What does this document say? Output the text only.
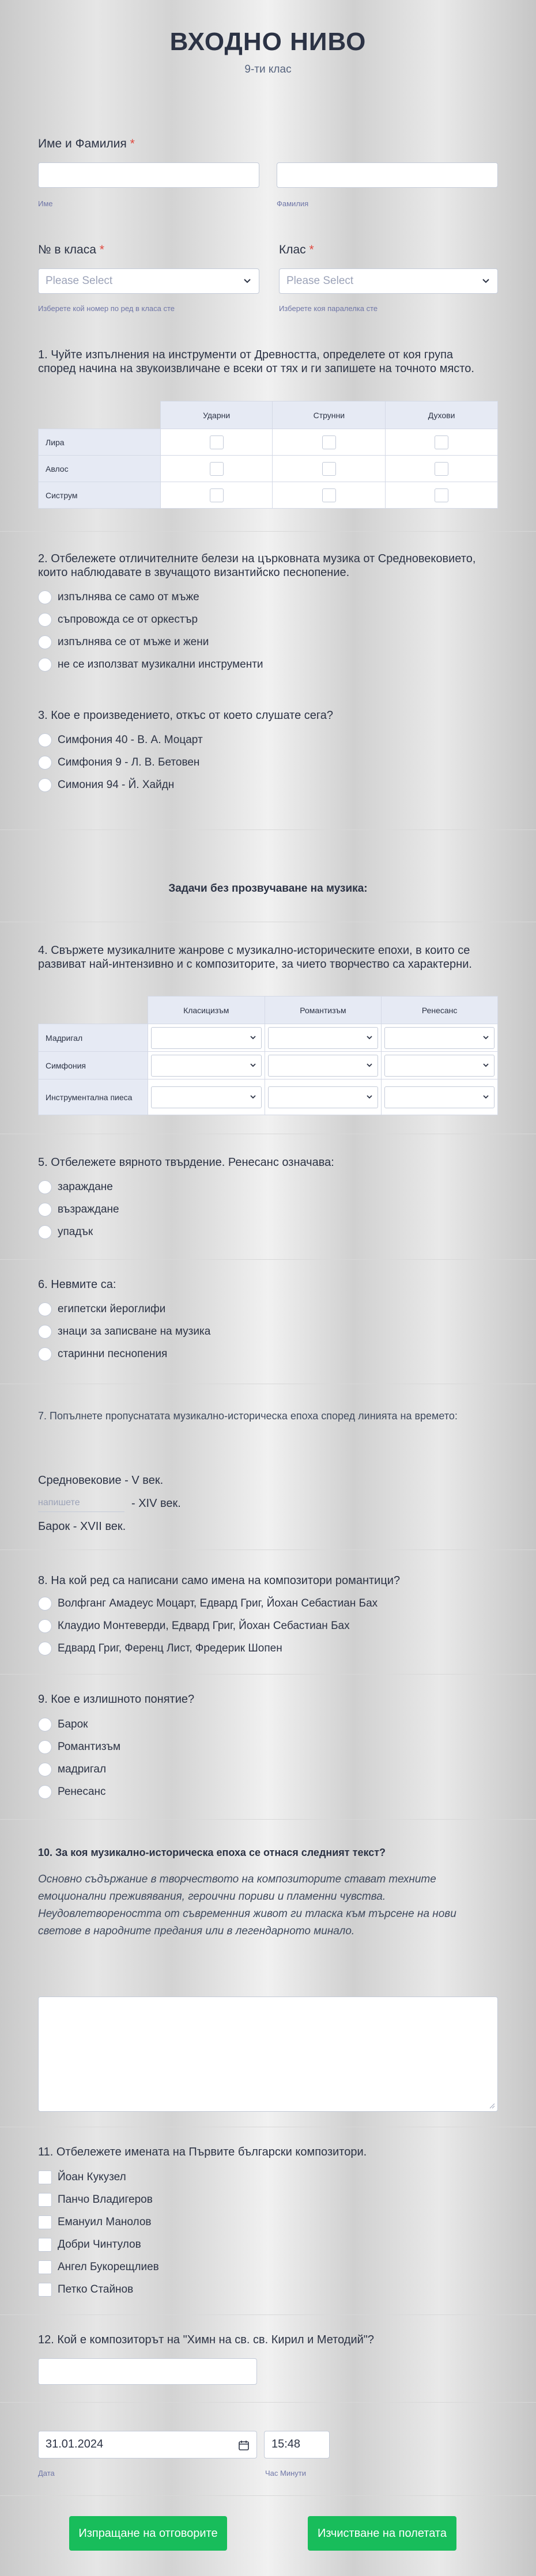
ВХОДНО НИВО
9-ти клас
Име и Фамилия *
Име	Фамилия
№ в класа *	Клас *
Please Select	Please Select
Изберете кой номер по ред в класа сте	Изберете коя паралелка сте
1. Чуйте изпълнения на инструменти от Древността, определете от коя група според начина на звукоизвличане е всеки от тях и ги запишете на точното място.
	Ударни	Струнни	Духови
Лира			
Авлос			
Систрум			
2. Отбележете отличителните белези на църковната музика от Средновековието, които наблюдавате в звучащото византийско песнопение.
изпълнява се само от мъже
съпровожда се от оркестър
изпълнява се от мъже и жени
не се използват музикални инструменти
3. Кое е произведението, откъс от което слушате сега?
Симфония 40 - В. А. Моцарт
Симфония 9 - Л. В. Бетовен
Симония 94 - Й. Хайдн
Задачи без прозвучаване на музика:
4. Свържете музикалните жанрове с музикално-историческите епохи, в които се развиват най-интензивно и с композиторите, за чието творчество са характерни.
	Класицизъм	Романтизъм	Ренесанс
Мадригал	

Симфония	

Инструментална пиеса	

5. Отбележете вярното твърдение. Ренесанс означава:
зараждане
възраждане
упадък
6. Невмите са:
египетски йероглифи
знаци за записване на музика
старинни песнопения
7. Попълнете пропуснатата музикално-историческа епоха според линията на времето:
Средновековие - V век.
напишете	- XIV век.
Барок - XVII век.
8. На кой ред са написани само имена на композитори романтици?
Волфганг Амадеус Моцарт, Едвард Григ, Йохан Себастиан Бах
Клаудио Монтеверди, Едвард Григ, Йохан Себастиан Бах
Едвард Григ, Ференц Лист, Фредерик Шопен
9. Кое е излишното понятие?
Барок
Романтизъм
мадригал
Ренесанс
10. За коя музикално-историческа епоха се отнася следният текст?
Основно съдържание в творчеството на композиторите стават техните емоционални преживявания, героични пориви и пламенни чувства. Неудовлетвореността от съвременния живот ги тласка към търсене на нови светове в народните предания или в легендарното минало.
11. Отбележете имената на Първите български композитори.
Йоан Кукузел
Панчо Владигеров
Емануил Манолов
Добри Чинтулов
Ангел Букорещлиев
Петко Стайнов
12. Кой е композиторът на "Химн на св. св. Кирил и Методий"?
31.01.2024	15:48
Дата	Час Минути
Изпращане на отговорите	Изчистване на полетата
